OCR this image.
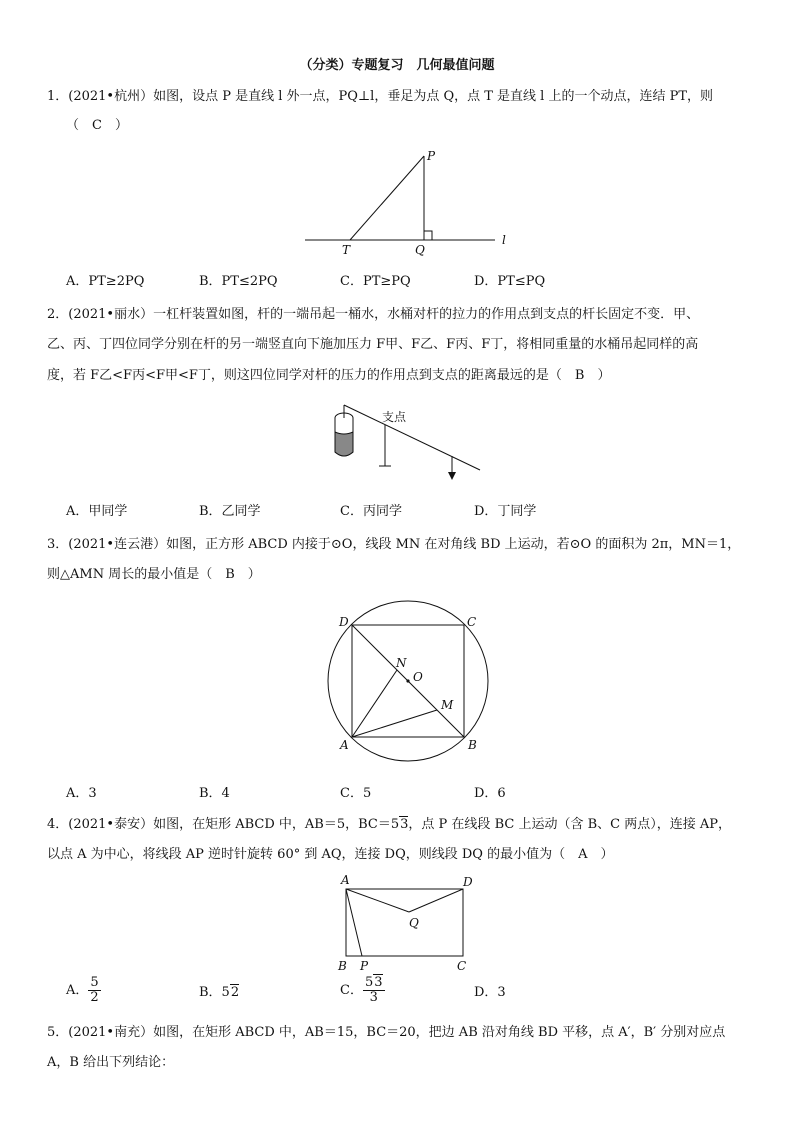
（分类）专题复习　几何最值问题
1．(2021•杭州）如图，设点 P 是直线 l 外一点，PQ⊥l，垂足为点 Q，点 T 是直线 l 上的一个动点，连结 PT，则
（　C　）
P
T	Q
l
A．PT≥2PQ	B．PT≤2PQ	C．PT≥PQ	D．PT≤PQ
2．(2021•丽水）一杠杆装置如图，杆的一端吊起一桶水，水桶对杆的拉力的作用点到支点的杆长固定不变．甲、
乙、丙、丁四位同学分别在杆的另一端竖直向下施加压力 F甲、F乙、F丙、F丁，将相同重量的水桶吊起同样的高
度，若 F乙<F丙<F甲<F丁，则这四位同学对杆的压力的作用点到支点的距离最远的是（　B　）
支点
A．甲同学	B．乙同学	C．丙同学	D．丁同学
3．(2021•连云港）如图，正方形 ABCD 内接于⊙O，线段 MN 在对角线 BD 上运动，若⊙O 的面积为 2π，MN＝1，
则△AMN 周长的最小值是（　B　）
D	C
A	B
N
O
M
A．3	B．4	C．5	D．6
4．(2021•泰安）如图，在矩形 ABCD 中，AB＝5，BC＝53，点 P 在线段 BC 上运动（含 B、C 两点），连接 AP，
以点 A 为中心，将线段 AP 逆时针旋转 60° 到 AQ，连接 DQ，则线段 DQ 的最小值为（　A　）
A	D
Q
B P	C
A． $\frac{5}{2}$	B．52	C． $\frac{53}{3}$	D．3
5．(2021•南充）如图，在矩形 ABCD 中，AB＝15，BC＝20，把边 AB 沿对角线 BD 平移，点 A′，B′ 分别对应点
A，B 给出下列结论：
